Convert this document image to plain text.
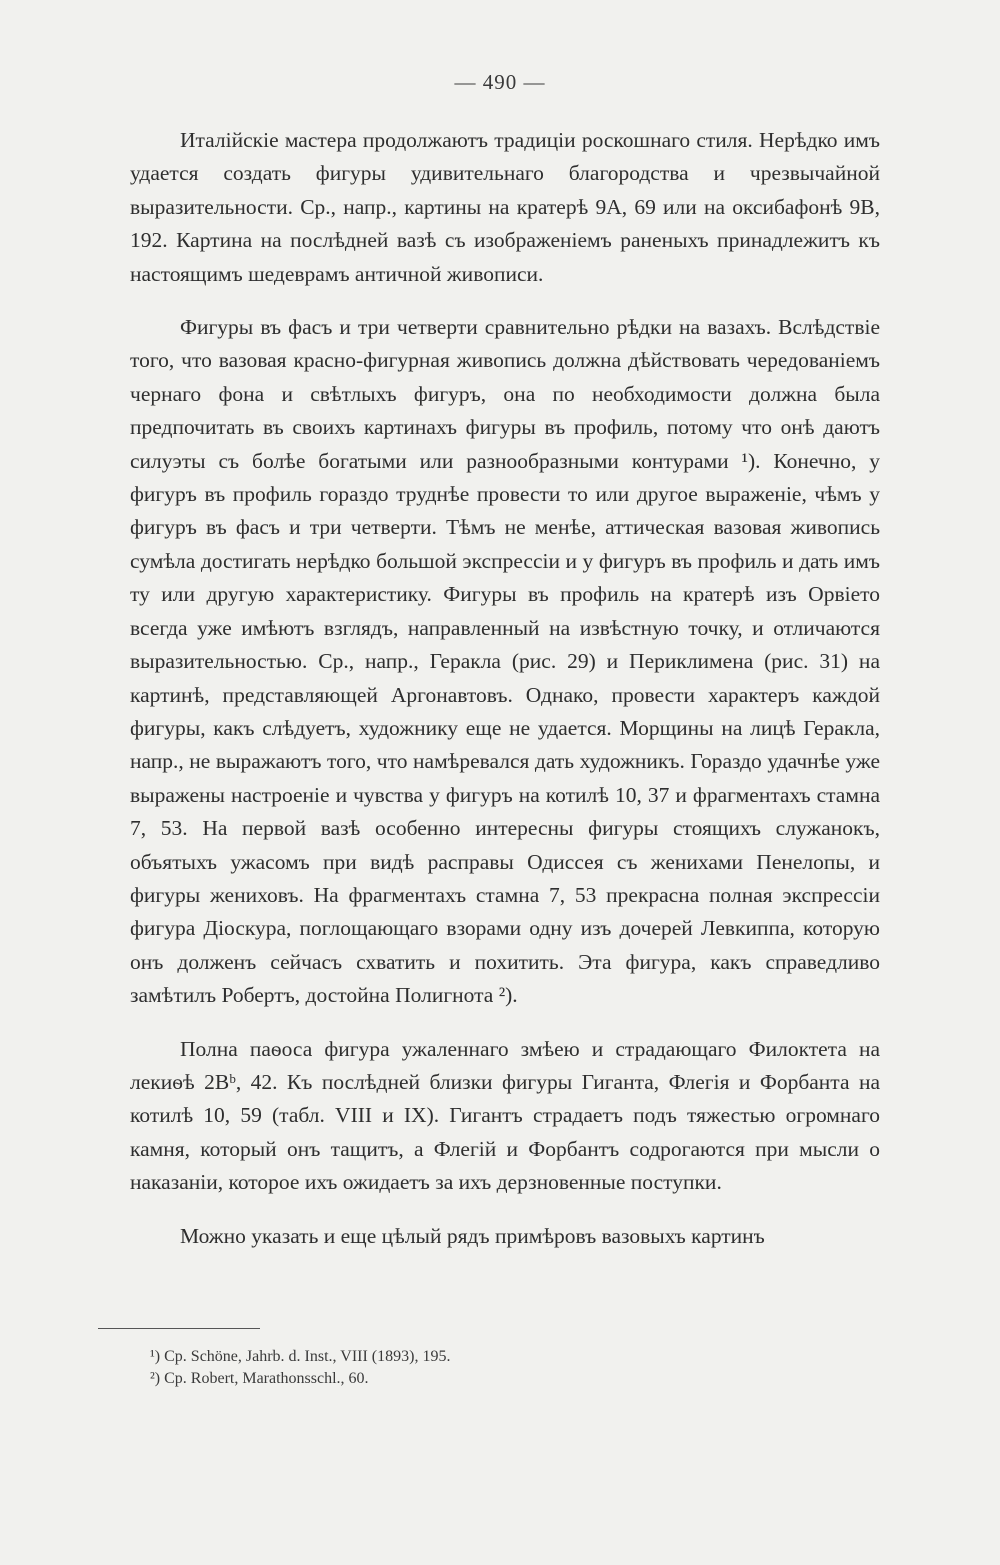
— 490 —

Италійскіе мастера продолжаютъ традиціи роскошнаго стиля. Нерѣдко имъ удается создать фигуры удивительнаго благородства и чрезвычайной выразительности. Ср., напр., картины на кратерѣ 9А, 69 или на оксибафонѣ 9В, 192. Картина на послѣдней вазѣ съ изображеніемъ раненыхъ принадлежитъ къ настоящимъ шедеврамъ античной живописи.

Фигуры въ фасъ и три четверти сравнительно рѣдки на вазахъ. Вслѣдствіе того, что вазовая красно-фигурная живопись должна дѣйствовать чередованіемъ чернаго фона и свѣтлыхъ фигуръ, она по необходимости должна была предпочитать въ своихъ картинахъ фигуры въ профиль, потому что онѣ даютъ силуэты съ болѣе богатыми или разнообразными контурами ¹). Конечно, у фигуръ въ профиль гораздо труднѣе провести то или другое выраженіе, чѣмъ у фигуръ въ фасъ и три четверти. Тѣмъ не менѣе, аттическая вазовая живопись сумѣла достигать нерѣдко большой экспрессіи и у фигуръ въ профиль и дать имъ ту или другую характеристику. Фигуры въ профиль на кратерѣ изъ Орвіето всегда уже имѣютъ взглядъ, направленный на извѣстную точку, и отличаются выразительностью. Ср., напр., Геракла (рис. 29) и Периклимена (рис. 31) на картинѣ, представляющей Аргонавтовъ. Однако, провести характеръ каждой фигуры, какъ слѣдуетъ, художнику еще не удается. Морщины на лицѣ Геракла, напр., не выражаютъ того, что намѣревался дать художникъ. Гораздо удачнѣе уже выражены настроеніе и чувства у фигуръ на котилѣ 10, 37 и фрагментахъ стамна 7, 53. На первой вазѣ особенно интересны фигуры стоящихъ служанокъ, объятыхъ ужасомъ при видѣ расправы Одиссея съ женихами Пенелопы, и фигуры жениховъ. На фрагментахъ стамна 7, 53 прекрасна полная экспрессіи фигура Діоскура, поглощающаго взорами одну изъ дочерей Левкиппа, которую онъ долженъ сейчасъ схватить и похитить. Эта фигура, какъ справедливо замѣтилъ Робертъ, достойна Полигнота ²).

Полна паѳоса фигура ужаленнаго змѣею и страдающаго Филоктета на лекиѳѣ 2Вᵇ, 42. Къ послѣдней близки фигуры Гиганта, Флегія и Форбанта на котилѣ 10, 59 (табл. VIII и IX). Гигантъ страдаетъ подъ тяжестью огромнаго камня, который онъ тащитъ, а Флегій и Форбантъ содрогаются при мысли о наказаніи, которое ихъ ожидаетъ за ихъ дерзновенные поступки.

Можно указать и еще цѣлый рядъ примѣровъ вазовыхъ картинъ

¹) Ср. Schöne, Jahrb. d. Inst., VIII (1893), 195.

²) Cp. Robert, Marathonsschl., 60.
